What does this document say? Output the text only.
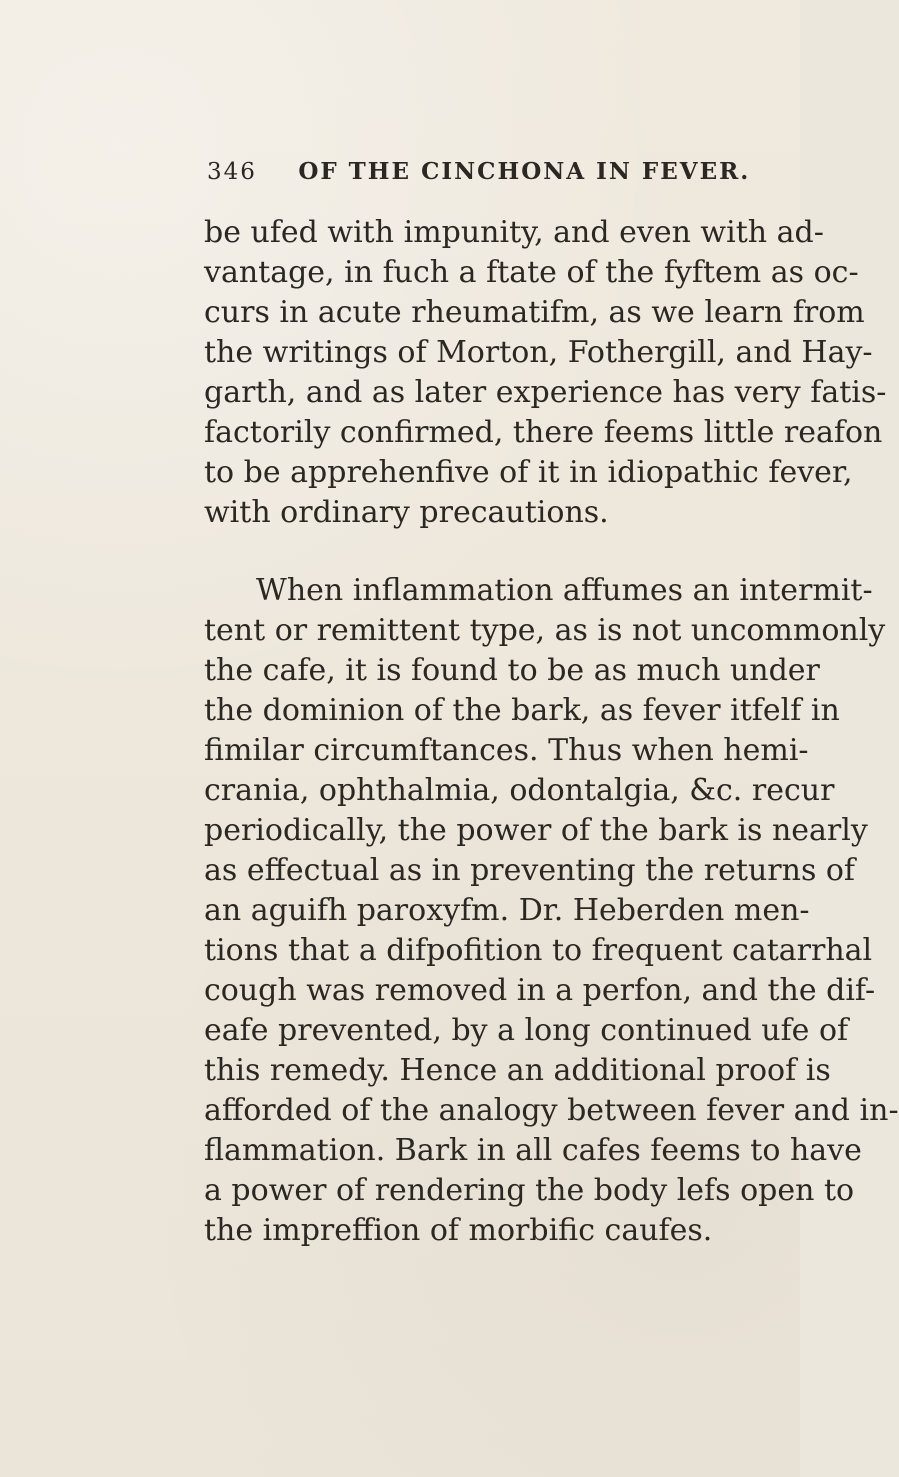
346 OF THE CINCHONA IN FEVER.

be ufed with impunity, and even with ad-
vantage, in fuch a ftate of the fyftem as oc-
curs in acute rheumatifm, as we learn from
the writings of Morton, Fothergill, and Hay-
garth, and as later experience has very fatis-
factorily confirmed, there feems little reafon
to be apprehenfive of it in idiopathic fever,
with ordinary precautions.

When inflammation affumes an intermit-
tent or remittent type, as is not uncommonly
the cafe, it is found to be as much under
the dominion of the bark, as fever itfelf in
fimilar circumftances. Thus when hemi-
crania, ophthalmia, odontalgia, &c. recur
periodically, the power of the bark is nearly
as effectual as in preventing the returns of
an aguifh paroxyfm. Dr. Heberden men-
tions that a difpofition to frequent catarrhal
cough was removed in a perfon, and the dif-
eafe prevented, by a long continued ufe of
this remedy. Hence an additional proof is
afforded of the analogy between fever and in-
flammation. Bark in all cafes feems to have
a power of rendering the body lefs open to
the impreffion of morbific caufes.
